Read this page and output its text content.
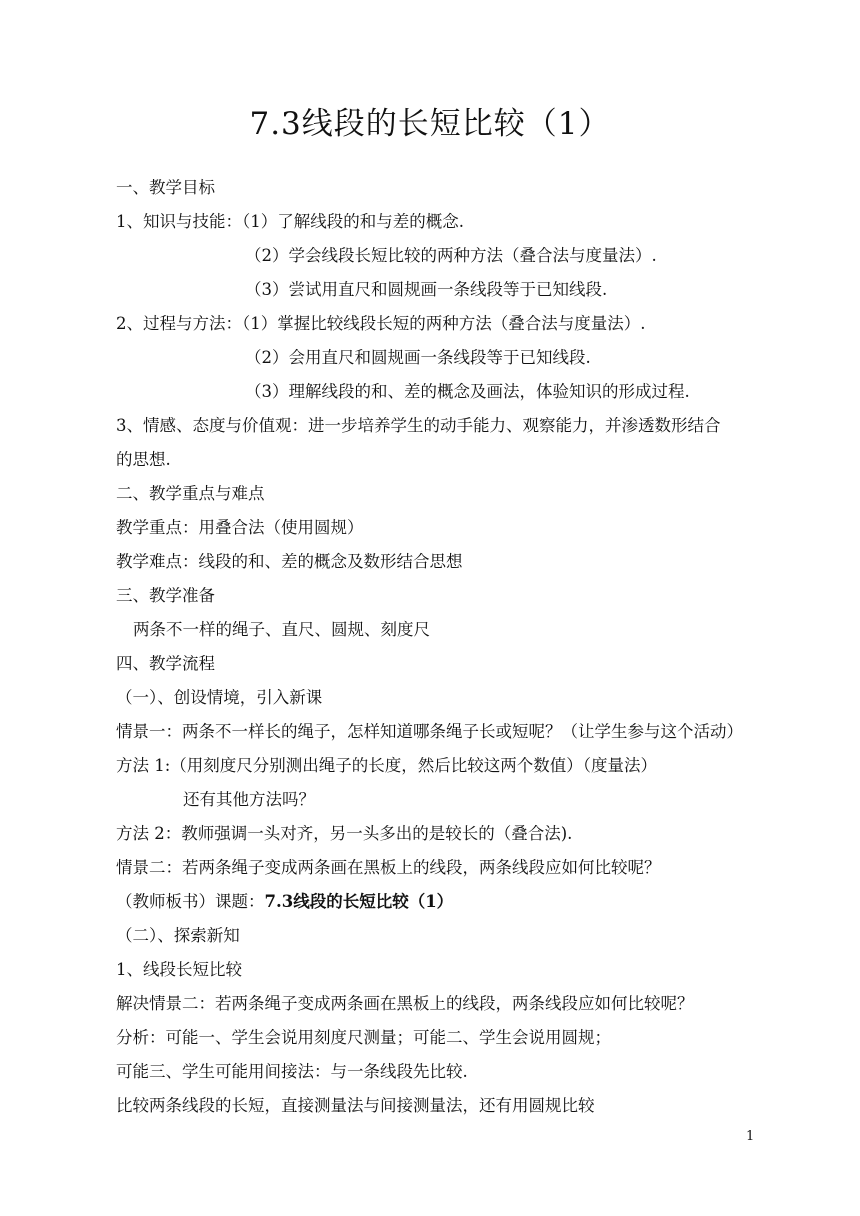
7.3线段的长短比较（1）
一、教学目标
1、知识与技能：（1）了解线段的和与差的概念.
（2）学会线段长短比较的两种方法（叠合法与度量法）.
（3）尝试用直尺和圆规画一条线段等于已知线段.
2、过程与方法：（1）掌握比较线段长短的两种方法（叠合法与度量法）.
（2）会用直尺和圆规画一条线段等于已知线段.
（3）理解线段的和、差的概念及画法，体验知识的形成过程.
3、情感、态度与价值观：进一步培养学生的动手能力、观察能力，并渗透数形结合
的思想.
二、教学重点与难点
教学重点：用叠合法（使用圆规）
教学难点：线段的和、差的概念及数形结合思想
三、教学准备
两条不一样的绳子、直尺、圆规、刻度尺
四、教学流程
（一）、创设情境，引入新课
情景一：两条不一样长的绳子，怎样知道哪条绳子长或短呢？（让学生参与这个活动）
方法 1:（用刻度尺分别测出绳子的长度，然后比较这两个数值）（度量法）
还有其他方法吗？
方法 2：教师强调一头对齐，另一头多出的是较长的（叠合法).
情景二：若两条绳子变成两条画在黑板上的线段，两条线段应如何比较呢？
（教师板书）课题：7.3线段的长短比较（1）
（二）、探索新知
1、线段长短比较
解决情景二：若两条绳子变成两条画在黑板上的线段，两条线段应如何比较呢？
分析：可能一、学生会说用刻度尺测量；可能二、学生会说用圆规；
可能三、学生可能用间接法：与一条线段先比较.
比较两条线段的长短，直接测量法与间接测量法，还有用圆规比较
1
